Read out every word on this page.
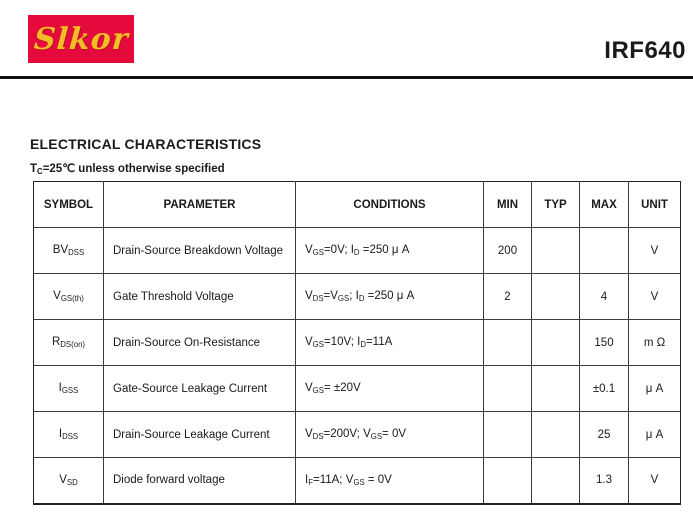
Slkor	IRF640
ELECTRICAL CHARACTERISTICS
$T_C=25℃$ unless otherwise specified
SYMBOL	PARAMETER	CONDITIONS	MIN	TYP	MAX	UNIT
$BV_{DSS}$	Drain-Source Breakdown Voltage	$V_{GS}=0V$; $I_D =250$ μ A	200			V
$V_{GS(th)}$	Gate Threshold Voltage	$V_{DS}=V_{GS}$; $I_D =250$ μ A	2		4	V
$R_{DS(on)}$	Drain-Source On-Resistance	$V_{GS}=10V$; $I_D=11A$			150	m Ω
$I_{GSS}$	Gate-Source Leakage Current	$V_{GS}= \pm 20V$			±0.1	μ A
$I_{DSS}$	Drain-Source Leakage Current	$V_{DS}=200V$; $V_{GS}= 0V$			25	μ A
$V_{SD}$	Diode forward voltage	$I_F=11A$; $V_{GS} = 0V$			1.3	V
